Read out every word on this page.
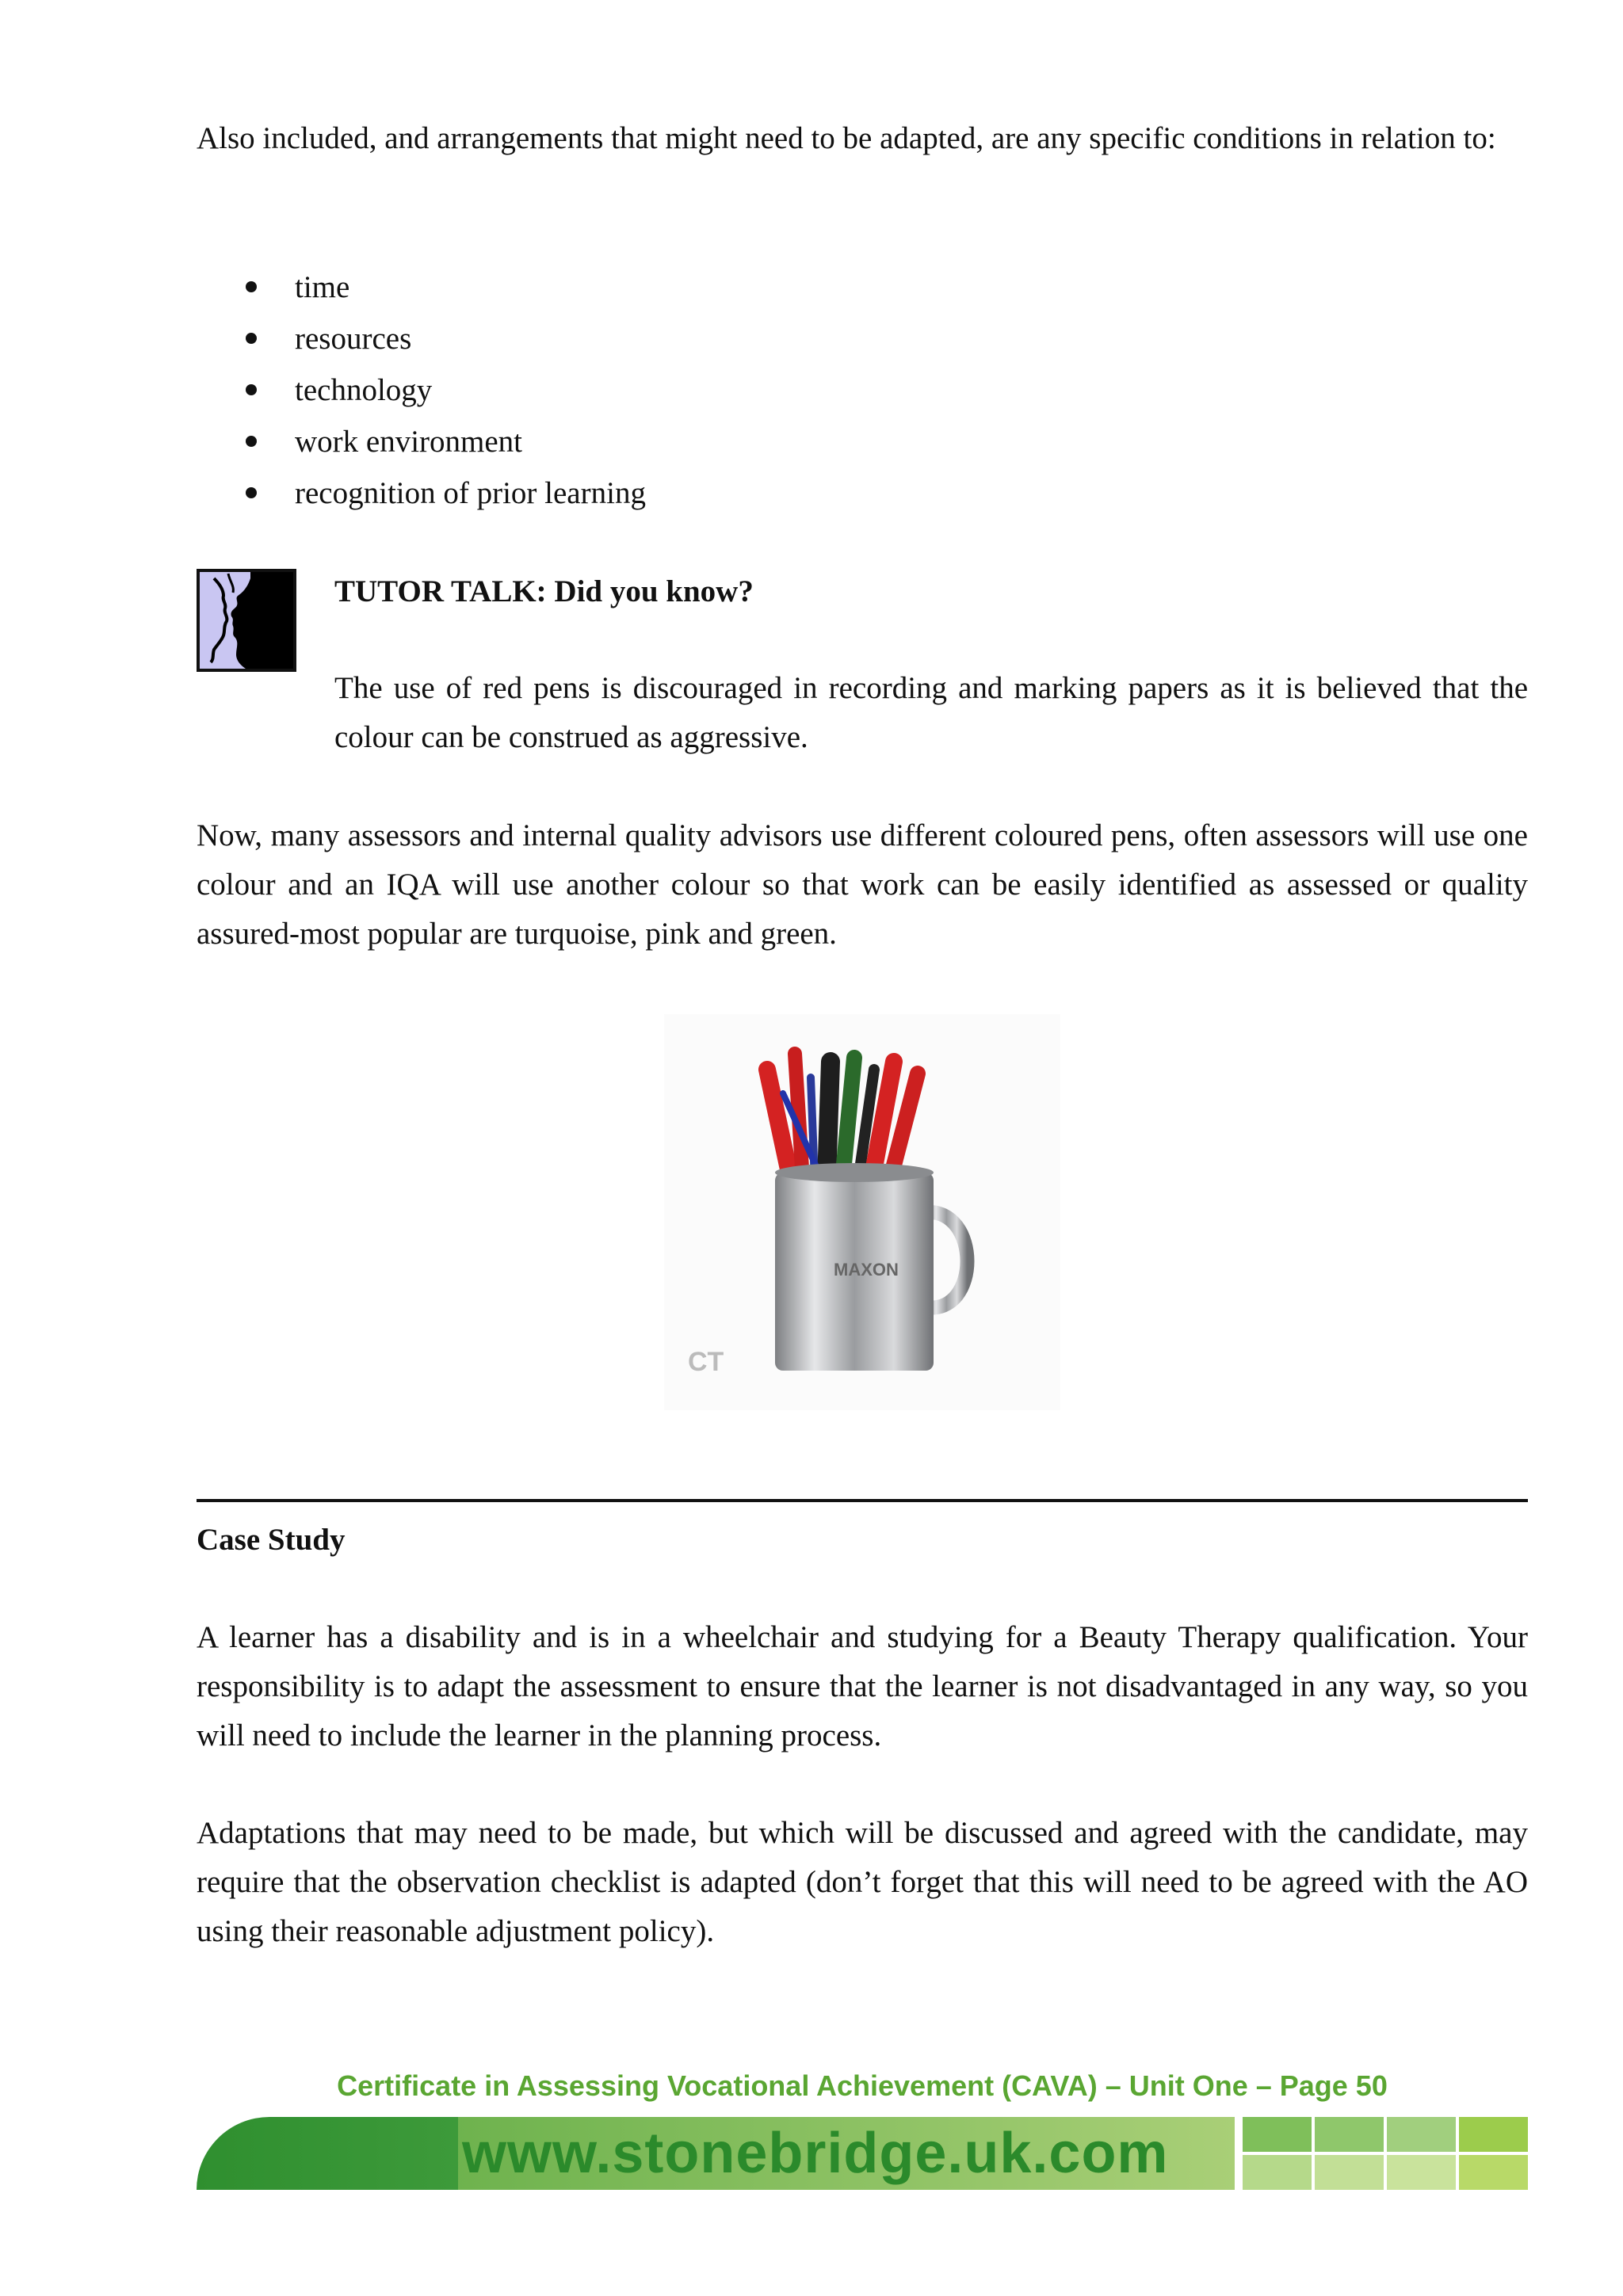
Also included, and arrangements that might need to be adapted, are any specific conditions in relation to:

time
resources
technology
work environment
recognition of prior learning
TUTOR TALK: Did you know?

The use of red pens is discouraged in recording and marking papers as it is believed that the colour can be construed as aggressive.

Now, many assessors and internal quality advisors use different coloured pens, often assessors will use one colour and an IQA will use another colour so that work can be easily identified as assessed or quality assured-most popular are turquoise, pink and green.

MAXON
CT
Case Study

A learner has a disability and is in a wheelchair and studying for a Beauty Therapy qualification. Your responsibility is to adapt the assessment to ensure that the learner is not disadvantaged in any way, so you will need to include the learner in the planning process.

Adaptations that may need to be made, but which will be discussed and agreed with the candidate, may require that the observation checklist is adapted (don’t forget that this will need to be agreed with the AO using their reasonable adjustment policy).

Certificate in Assessing Vocational Achievement (CAVA) – Unit One – Page 50
www.stonebridge.uk.com
